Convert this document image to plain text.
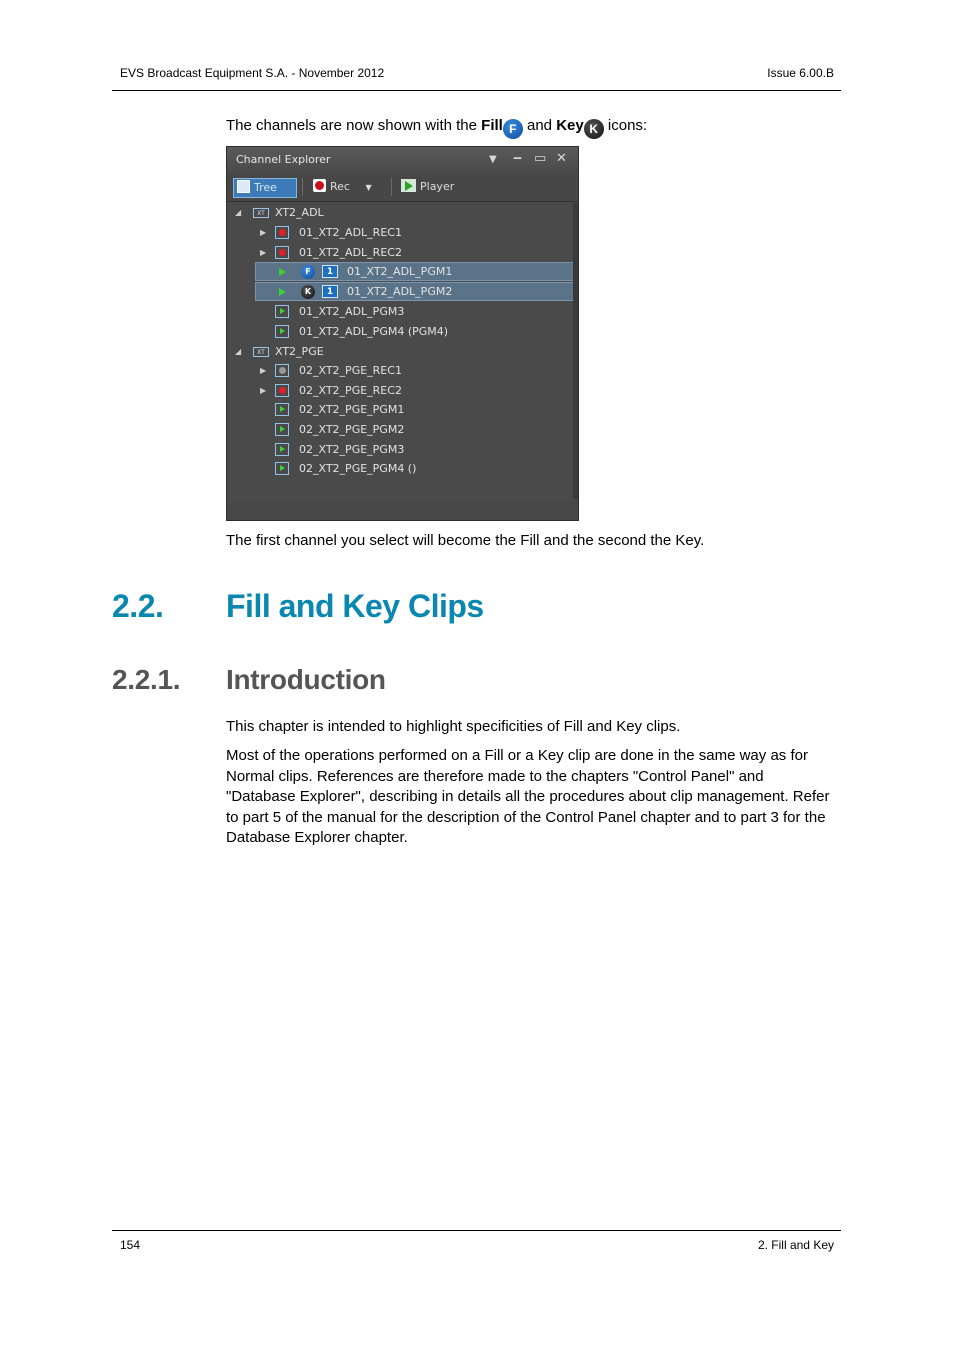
EVS Broadcast Equipment S.A. - November 2012	Issue 6.00.B
The channels are now shown with the Fill F and Key K icons:
Channel Explorer	▼ ‒ ▭ ✕
Tree	Rec ▼	Player
◢	XT XT2_ADL
▶	01_XT2_ADL_REC1
▶	01_XT2_ADL_REC2
F	1	01_XT2_ADL_PGM1
K	1	01_XT2_ADL_PGM2
01_XT2_ADL_PGM3
01_XT2_ADL_PGM4 (PGM4)
◢	XT XT2_PGE
▶	02_XT2_PGE_REC1
▶	02_XT2_PGE_REC2
02_XT2_PGE_PGM1
02_XT2_PGE_PGM2
02_XT2_PGE_PGM3
02_XT2_PGE_PGM4 ()
The first channel you select will become the Fill and the second the Key.
2.2. Fill and Key Clips
2.2.1. Introduction
This chapter is intended to highlight specificities of Fill and Key clips.
Most of the operations performed on a Fill or a Key clip are done in the same way as for Normal clips. References are therefore made to the chapters "Control Panel" and "Database Explorer", describing in details all the procedures about clip management. Refer to part 5 of the manual for the description of the Control Panel chapter and to part 3 for the Database Explorer chapter.
154	2. Fill and Key
